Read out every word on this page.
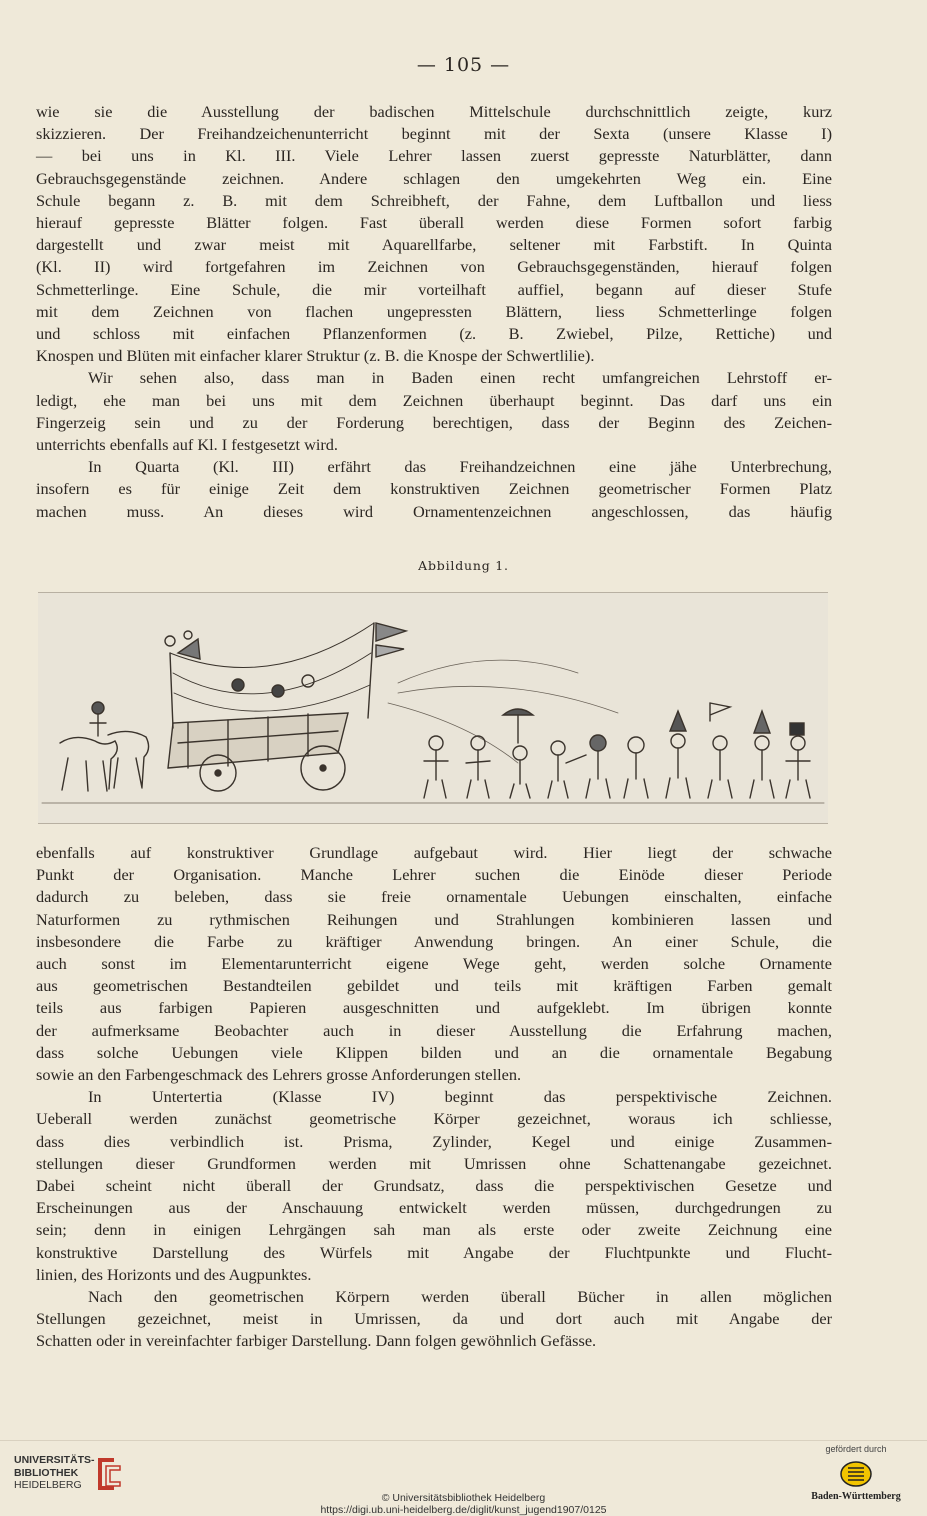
— 105 —
wie sie die Ausstellung der badischen Mittelschule durchschnittlich zeigte, kurz
skizzieren. Der Freihandzeichenunterricht beginnt mit der Sexta (unsere Klasse I)
— bei uns in Kl. III. Viele Lehrer lassen zuerst gepresste Naturblätter, dann
Gebrauchsgegenstände zeichnen. Andere schlagen den umgekehrten Weg ein. Eine
Schule begann z. B. mit dem Schreibheft, der Fahne, dem Luftballon und liess
hierauf gepresste Blätter folgen. Fast überall werden diese Formen sofort farbig
dargestellt und zwar meist mit Aquarellfarbe, seltener mit Farbstift. In Quinta
(Kl. II) wird fortgefahren im Zeichnen von Gebrauchsgegenständen, hierauf folgen
Schmetterlinge. Eine Schule, die mir vorteilhaft auffiel, begann auf dieser Stufe
mit dem Zeichnen von flachen ungepressten Blättern, liess Schmetterlinge folgen
und schloss mit einfachen Pflanzenformen (z. B. Zwiebel, Pilze, Rettiche) und
Knospen und Blüten mit einfacher klarer Struktur (z. B. die Knospe der Schwertlilie).
Wir sehen also, dass man in Baden einen recht umfangreichen Lehrstoff er-
ledigt, ehe man bei uns mit dem Zeichnen überhaupt beginnt. Das darf uns ein
Fingerzeig sein und zu der Forderung berechtigen, dass der Beginn des Zeichen-
unterrichts ebenfalls auf Kl. I festgesetzt wird.
In Quarta (Kl. III) erfährt das Freihandzeichnen eine jähe Unterbrechung,
insofern es für einige Zeit dem konstruktiven Zeichnen geometrischer Formen Platz
machen muss. An dieses wird Ornamentenzeichnen angeschlossen, das häufig
Abbildung 1.
ebenfalls auf konstruktiver Grundlage aufgebaut wird. Hier liegt der schwache
Punkt der Organisation. Manche Lehrer suchen die Einöde dieser Periode
dadurch zu beleben, dass sie freie ornamentale Uebungen einschalten, einfache
Naturformen zu rythmischen Reihungen und Strahlungen kombinieren lassen und
insbesondere die Farbe zu kräftiger Anwendung bringen. An einer Schule, die
auch sonst im Elementarunterricht eigene Wege geht, werden solche Ornamente
aus geometrischen Bestandteilen gebildet und teils mit kräftigen Farben gemalt
teils aus farbigen Papieren ausgeschnitten und aufgeklebt. Im übrigen konnte
der aufmerksame Beobachter auch in dieser Ausstellung die Erfahrung machen,
dass solche Uebungen viele Klippen bilden und an die ornamentale Begabung
sowie an den Farbengeschmack des Lehrers grosse Anforderungen stellen.
In Untertertia (Klasse IV) beginnt das perspektivische Zeichnen.
Ueberall werden zunächst geometrische Körper gezeichnet, woraus ich schliesse,
dass dies verbindlich ist. Prisma, Zylinder, Kegel und einige Zusammen-
stellungen dieser Grundformen werden mit Umrissen ohne Schattenangabe gezeichnet.
Dabei scheint nicht überall der Grundsatz, dass die perspektivischen Gesetze und
Erscheinungen aus der Anschauung entwickelt werden müssen, durchgedrungen zu
sein; denn in einigen Lehrgängen sah man als erste oder zweite Zeichnung eine
konstruktive Darstellung des Würfels mit Angabe der Fluchtpunkte und Flucht-
linien, des Horizonts und des Augpunktes.
Nach den geometrischen Körpern werden überall Bücher in allen möglichen
Stellungen gezeichnet, meist in Umrissen, da und dort auch mit Angabe der
Schatten oder in vereinfachter farbiger Darstellung. Dann folgen gewöhnlich Gefässe.
UNIVERSITÄTS-
BIBLIOTHEK
HEIDELBERG
© Universitätsbibliothek Heidelberg
https://digi.ub.uni-heidelberg.de/diglit/kunst_jugend1907/0125
gefördert durch
Baden-Württemberg
